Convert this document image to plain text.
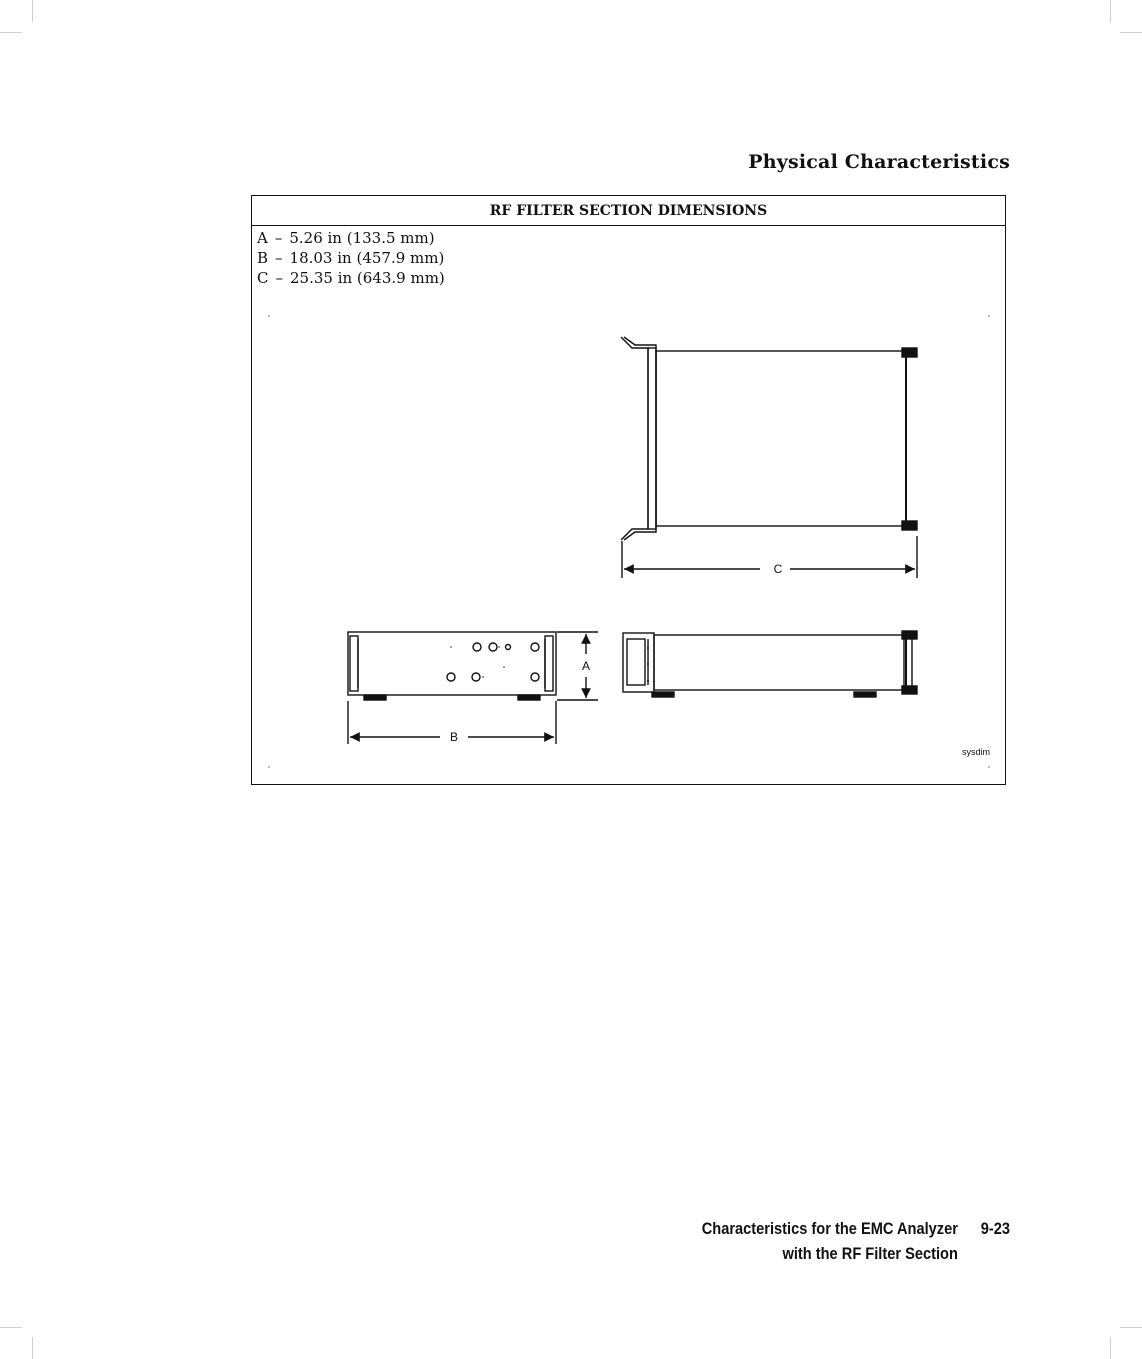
Physical Characteristics
RF FILTER SECTION DIMENSIONS
A – 5.26 in (133.5 mm)
B – 18.03 in (457.9 mm)
C – 25.35 in (643.9 mm)
C
A
B
sysdim
Characteristics for the EMC Analyzer
with the RF Filter Section
9-23
